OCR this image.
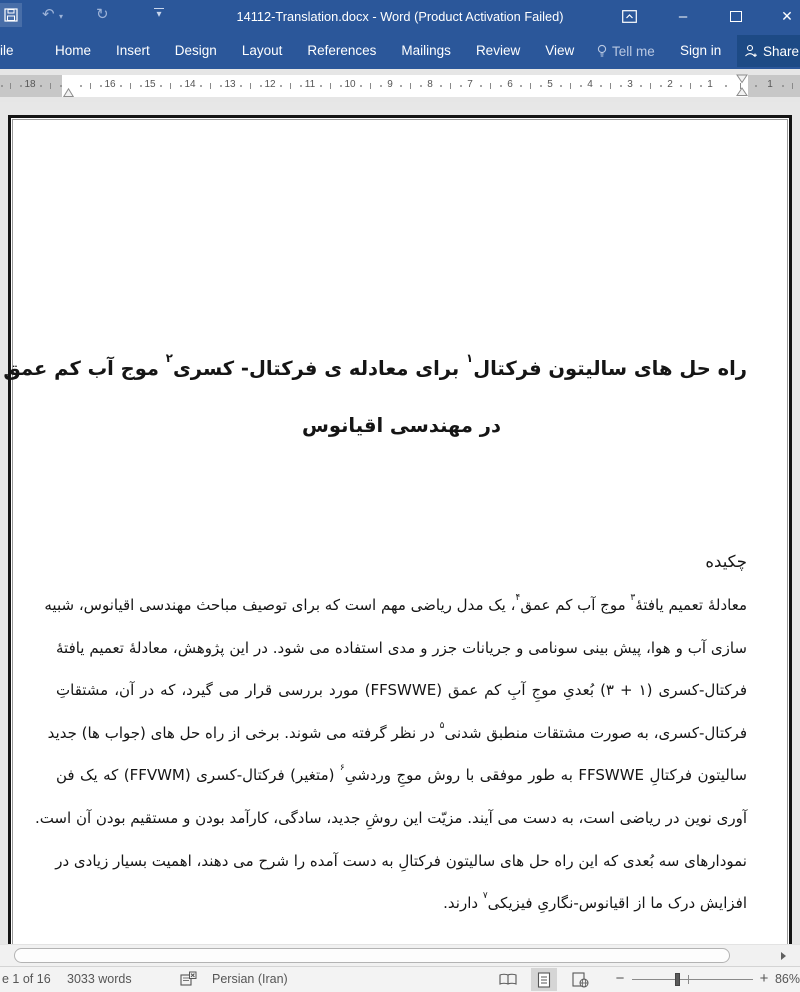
↶ ▾ ↻	▾	14112-Translation.docx - Word (Product Activation Failed)	–	✕
ile	Home Insert Design Layout References Mailings Review View	Tell me Sign in	Share
18	16	15	14	13	12	11	10	9	8	7	6	5	4	3	2	1	1
راه حل های سالیتون فرکتال$^۱$ برای معادله ی فرکتال- کسری$^۲$ موج آب کم عمق
در مهندسی اقیانوس
چکیده
معادلۀ تعمیم یافتۀ$^۳$ موج آب کم عمق$^۴$، یک مدل ریاضی مهم است که برای توصیف مباحث مهندسی اقیانوس، شبیه
سازی آب و هوا، پیش بینی سونامی و جریانات جزر و مدی استفاده می شود. در این پژوهش، معادلۀ تعمیم یافتۀ
فرکتال-کسری (۱ + ۳) بُعدیِ موجِ آبِ کم عمق (FFSWWE) مورد بررسی قرار می گیرد، که در آن، مشتقاتِ
فرکتال-کسری، به صورت مشتقات منطبق شدنی$^۵$ در نظر گرفته می شوند. برخی از راه حل های (جواب ها) جدید
سالیتون فرکتالِ FFSWWE به طور موفقی با روش موجِ وردشیِ$^۶$ (متغیر) فرکتال-کسری (FFVWM) که یک فن
آوری نوین در ریاضی است، به دست می آیند. مزیّت این روشِ جدید، سادگی، کارآمد بودن و مستقیم بودن آن است.
نمودارهای سه بُعدی که این راه حل های سالیتون فرکتالِ به دست آمده را شرح می دهند، اهمیت بسیار زیادی در
افزایش درک ما از اقیانوس-نگاریِ فیزیکی$^۷$ دارند.
e 1 of 16 3033 words	Persian (Iran)	−	+ 86%
